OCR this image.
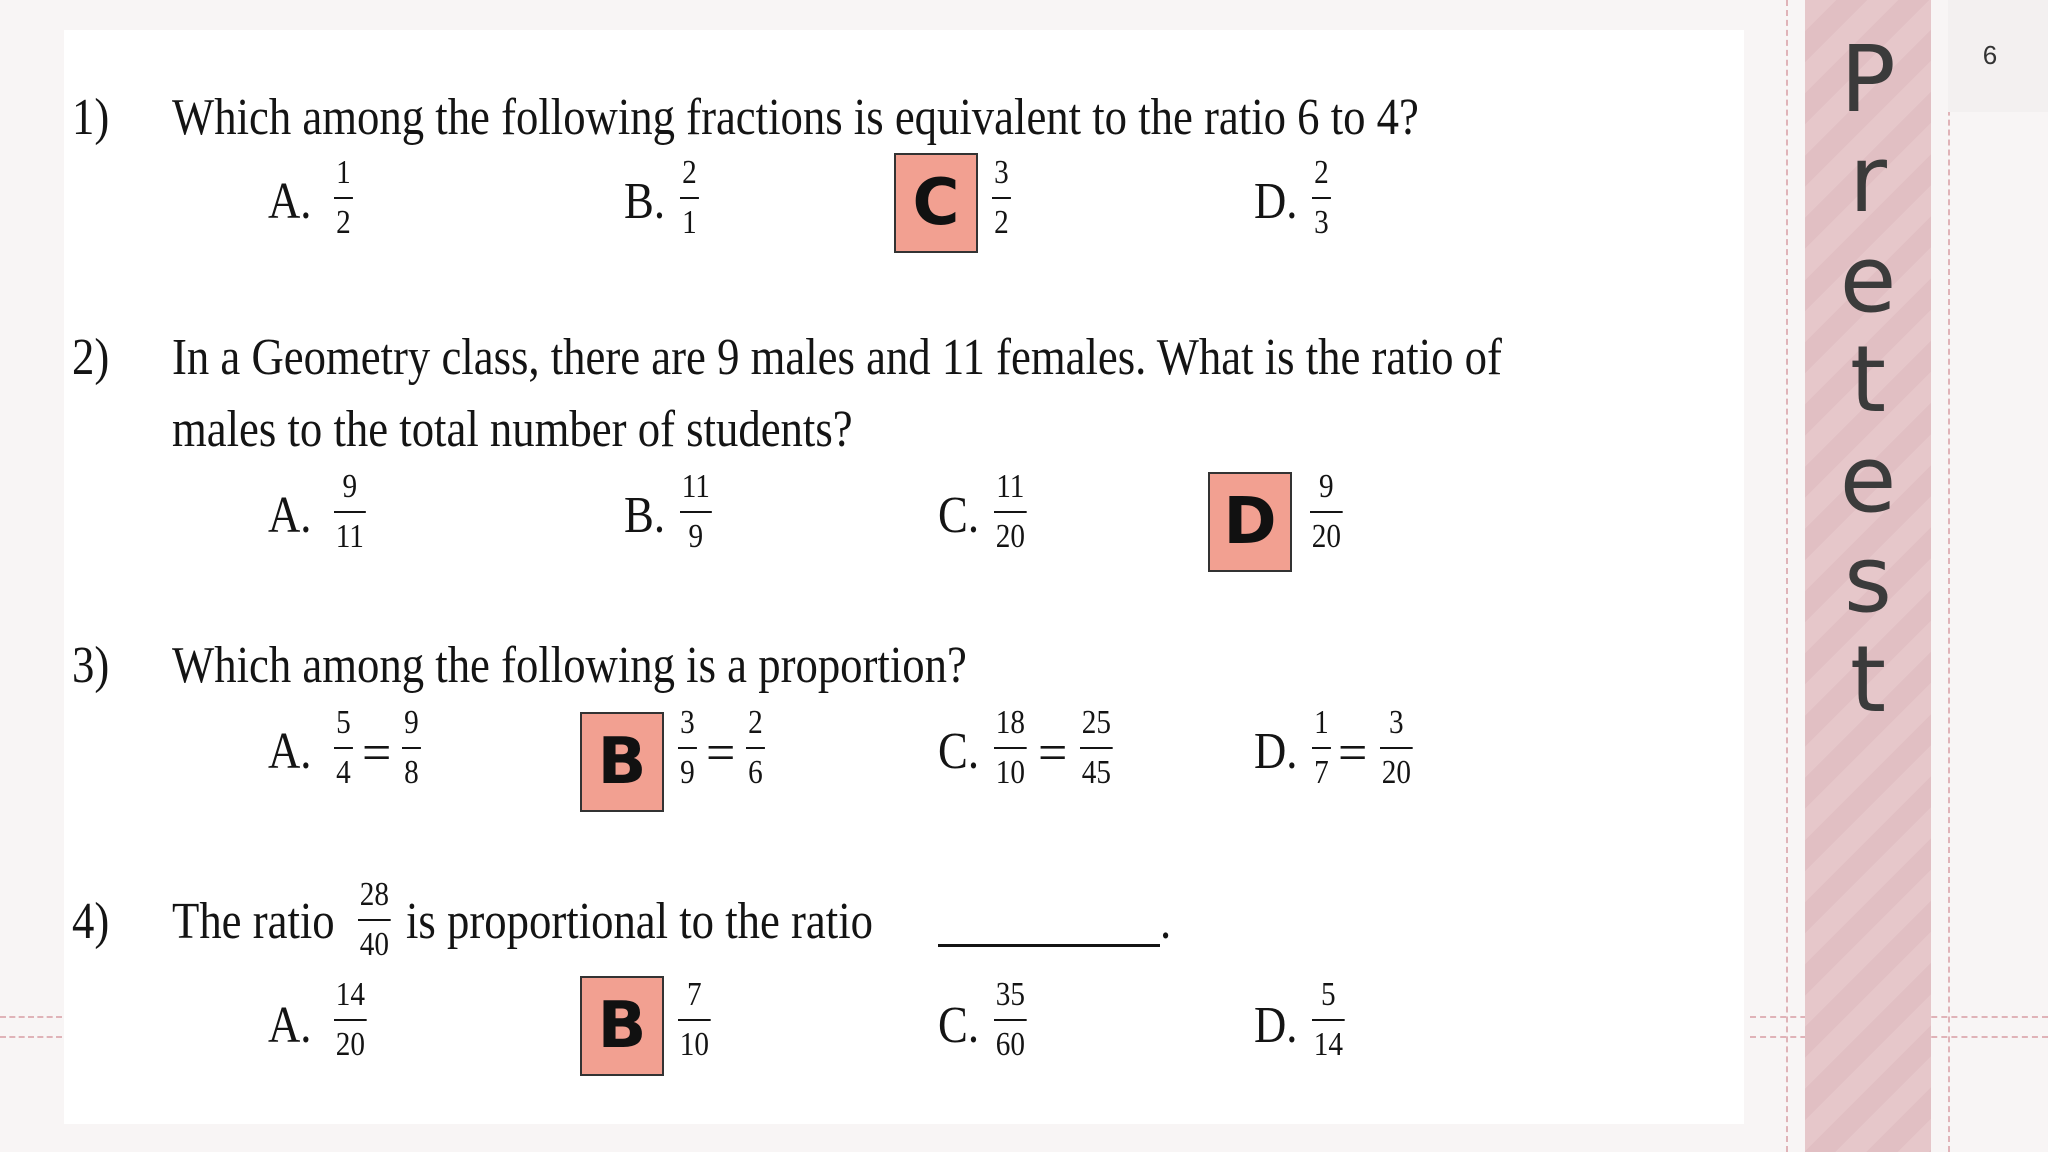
P
r
e
t
e
s
t
6
1) Which among the following fractions is equivalent to the ratio 6 to 4?
A.
1
2	B.
2
1	C	3
2	D.
2
3
2) In a Geometry class, there are 9 males and 11 females. What is the ratio of
males to the total number of students?
A.
9
11	B.
11
9	C.
11
20	D	9
20
3) Which among the following is a proportion?
A.
5
4 =
9
8	B
3
9 =
2
6	C.
18
10 =
25
45	D.
1
7 =
3
20
4) The ratio 28
40 is proportional to the ratio	.
A.
14
20	B	7
10	C.
35
60	D.
5
14
